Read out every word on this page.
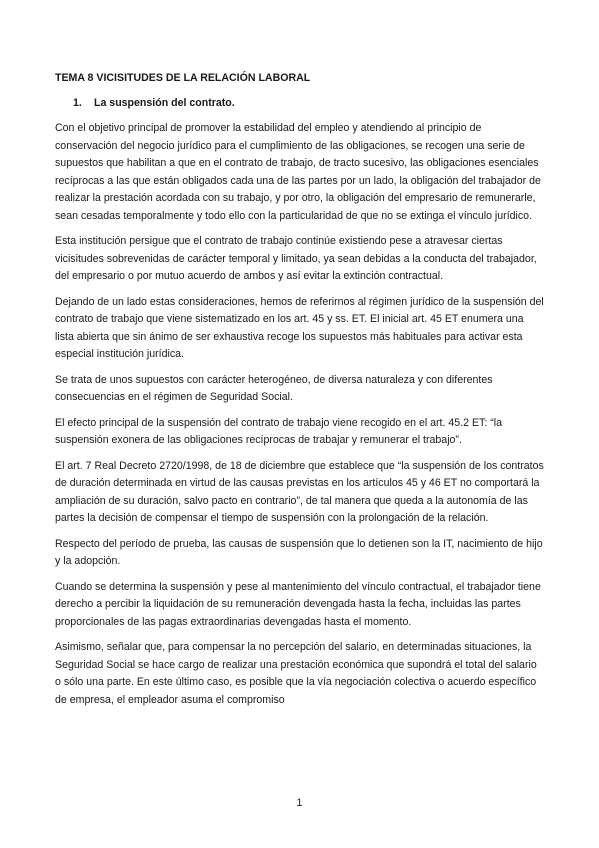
TEMA 8 VICISITUDES DE LA RELACIÓN LABORAL
1. La suspensión del contrato.

Con el objetivo principal de promover la estabilidad del empleo y atendiendo al principio de conservación del negocio jurídico para el cumplimiento de las obligaciones, se recogen una serie de supuestos que habilitan a que en el contrato de trabajo, de tracto sucesivo, las obligaciones esenciales recíprocas a las que están obligados cada una de las partes por un lado, la obligación del trabajador de realizar la prestación acordada con su trabajo, y por otro, la obligación del empresario de remunerarle, sean cesadas temporalmente y todo ello con la particularidad de que no se extinga el vínculo jurídico.

Esta institución persigue que el contrato de trabajo continúe existiendo pese a atravesar ciertas vicisitudes sobrevenidas de carácter temporal y limitado, ya sean debidas a la conducta del trabajador, del empresario o por mutuo acuerdo de ambos y así evitar la extinción contractual.

Dejando de un lado estas consideraciones, hemos de referirnos al régimen jurídico de la suspensión del contrato de trabajo que viene sistematizado en los art. 45 y ss. ET. El inicial art. 45 ET enumera una lista abierta que sin ánimo de ser exhaustiva recoge los supuestos más habituales para activar esta especial institución jurídica.

Se trata de unos supuestos con carácter heterogéneo, de diversa naturaleza y con diferentes consecuencias en el régimen de Seguridad Social.

El efecto principal de la suspensión del contrato de trabajo viene recogido en el art. 45.2 ET: “la suspensión exonera de las obligaciones recíprocas de trabajar y remunerar el trabajo”.

El art. 7 Real Decreto 2720/1998, de 18 de diciembre que establece que “la suspensión de los contratos de duración determinada en virtud de las causas previstas en los artículos 45 y 46 ET no comportará la ampliación de su duración, salvo pacto en contrario”, de tal manera que queda a la autonomía de las partes la decisión de compensar el tiempo de suspensión con la prolongación de la relación.

Respecto del período de prueba, las causas de suspensión que lo detienen son la IT, nacimiento de hijo y la adopción.

Cuando se determina la suspensión y pese al mantenimiento del vínculo contractual, el trabajador tiene derecho a percibir la liquidación de su remuneración devengada hasta la fecha, incluidas las partes proporcionales de las pagas extraordinarias devengadas hasta el momento.

Asimismo, señalar que, para compensar la no percepción del salario, en determinadas situaciones, la Seguridad Social se hace cargo de realizar una prestación económica que supondrá el total del salario o sólo una parte. En este último caso, es posible que la vía negociación colectiva o acuerdo específico de empresa, el empleador asuma el compromiso

1
